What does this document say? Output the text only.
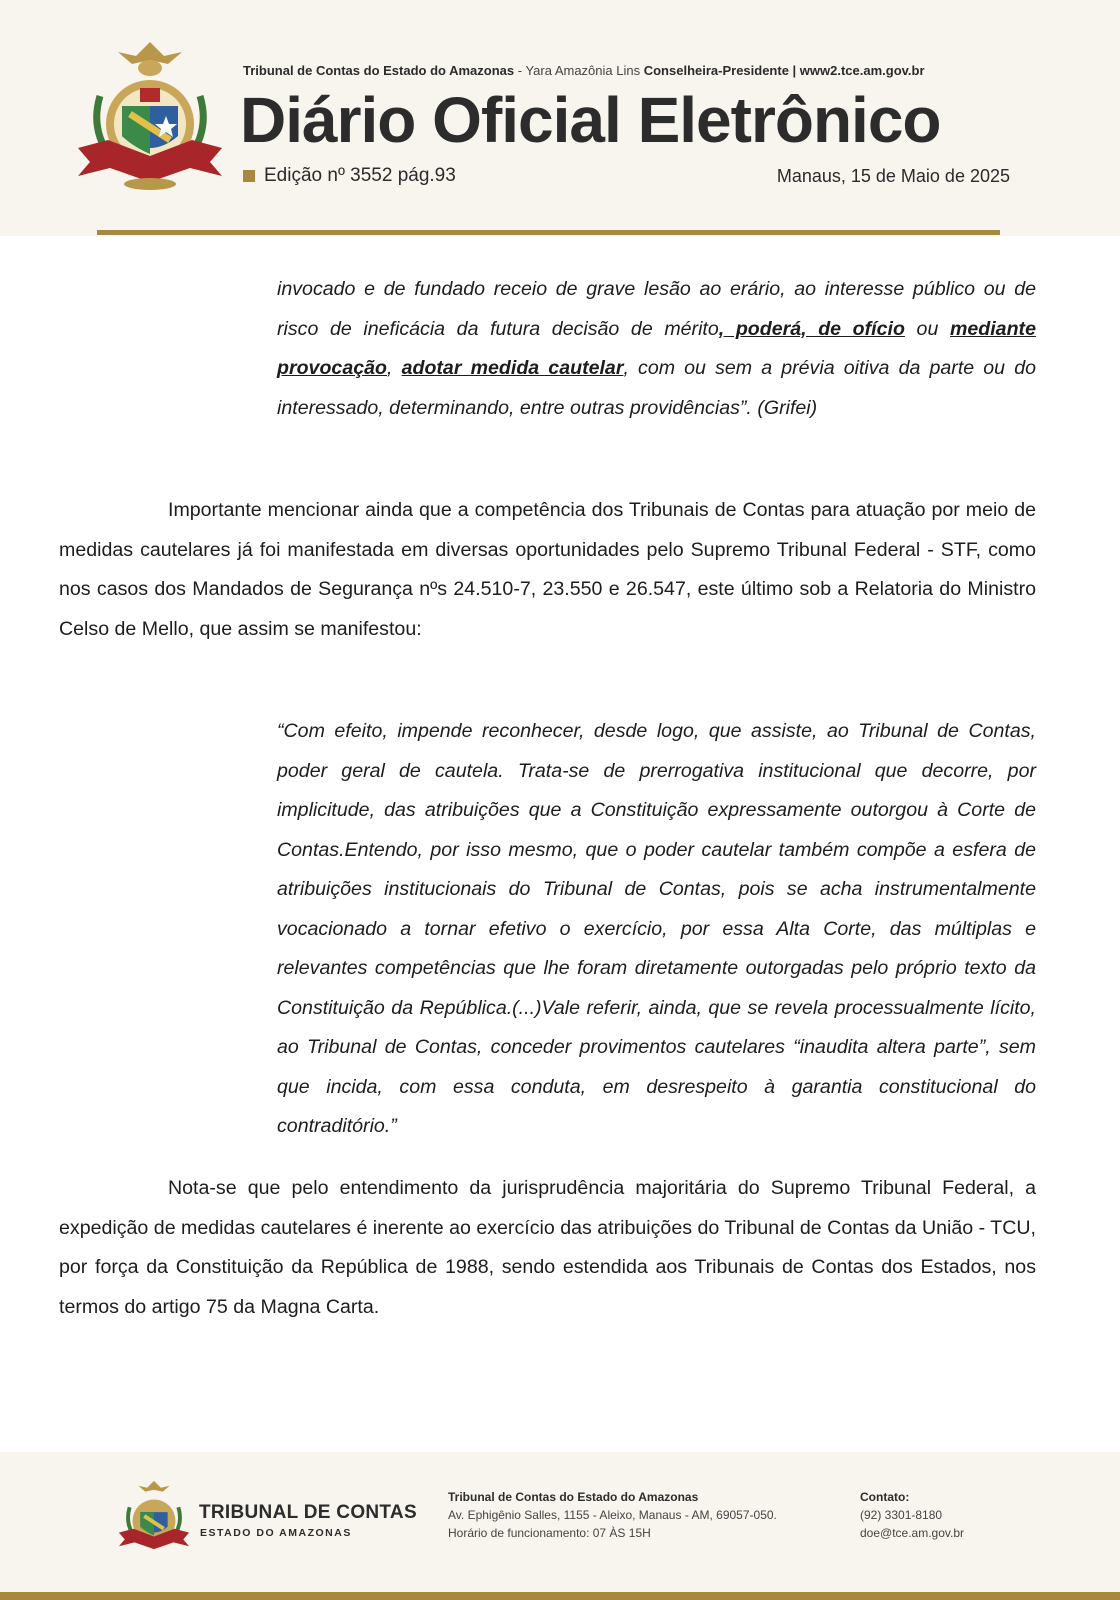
Tribunal de Contas do Estado do Amazonas - Yara Amazônia Lins Conselheira-Presidente | www2.tce.am.gov.br
Diário Oficial Eletrônico
Edição nº 3552 pág.93	Manaus, 15 de Maio de 2025

invocado e de fundado receio de grave lesão ao erário, ao interesse público ou de risco de ineficácia da futura decisão de mérito, poderá, de ofício ou mediante provocação, adotar medida cautelar, com ou sem a prévia oitiva da parte ou do interessado, determinando, entre outras providências”. (Grifei)

Importante mencionar ainda que a competência dos Tribunais de Contas para atuação por meio de medidas cautelares já foi manifestada em diversas oportunidades pelo Supremo Tribunal Federal - STF, como nos casos dos Mandados de Segurança nºs 24.510-7, 23.550 e 26.547, este último sob a Relatoria do Ministro Celso de Mello, que assim se manifestou:

“Com efeito, impende reconhecer, desde logo, que assiste, ao Tribunal de Contas, poder geral de cautela. Trata-se de prerrogativa institucional que decorre, por implicitude, das atribuições que a Constituição expressamente outorgou à Corte de Contas.Entendo, por isso mesmo, que o poder cautelar também compõe a esfera de atribuições institucionais do Tribunal de Contas, pois se acha instrumentalmente vocacionado a tornar efetivo o exercício, por essa Alta Corte, das múltiplas e relevantes competências que lhe foram diretamente outorgadas pelo próprio texto da Constituição da República.(...)Vale referir, ainda, que se revela processualmente lícito, ao Tribunal de Contas, conceder provimentos cautelares “inaudita altera parte”, sem que incida, com essa conduta, em desrespeito à garantia constitucional do contraditório.”

Nota-se que pelo entendimento da jurisprudência majoritária do Supremo Tribunal Federal, a expedição de medidas cautelares é inerente ao exercício das atribuições do Tribunal de Contas da União - TCU, por força da Constituição da República de 1988, sendo estendida aos Tribunais de Contas dos Estados, nos termos do artigo 75 da Magna Carta.

TRIBUNAL DE CONTAS
ESTADO DO AMAZONAS
Tribunal de Contas do Estado do Amazonas
Av. Ephigênio Salles, 1155 - Aleixo, Manaus - AM, 69057-050.
Horário de funcionamento: 07 ÀS 15H
Contato:
(92) 3301-8180
doe@tce.am.gov.br
